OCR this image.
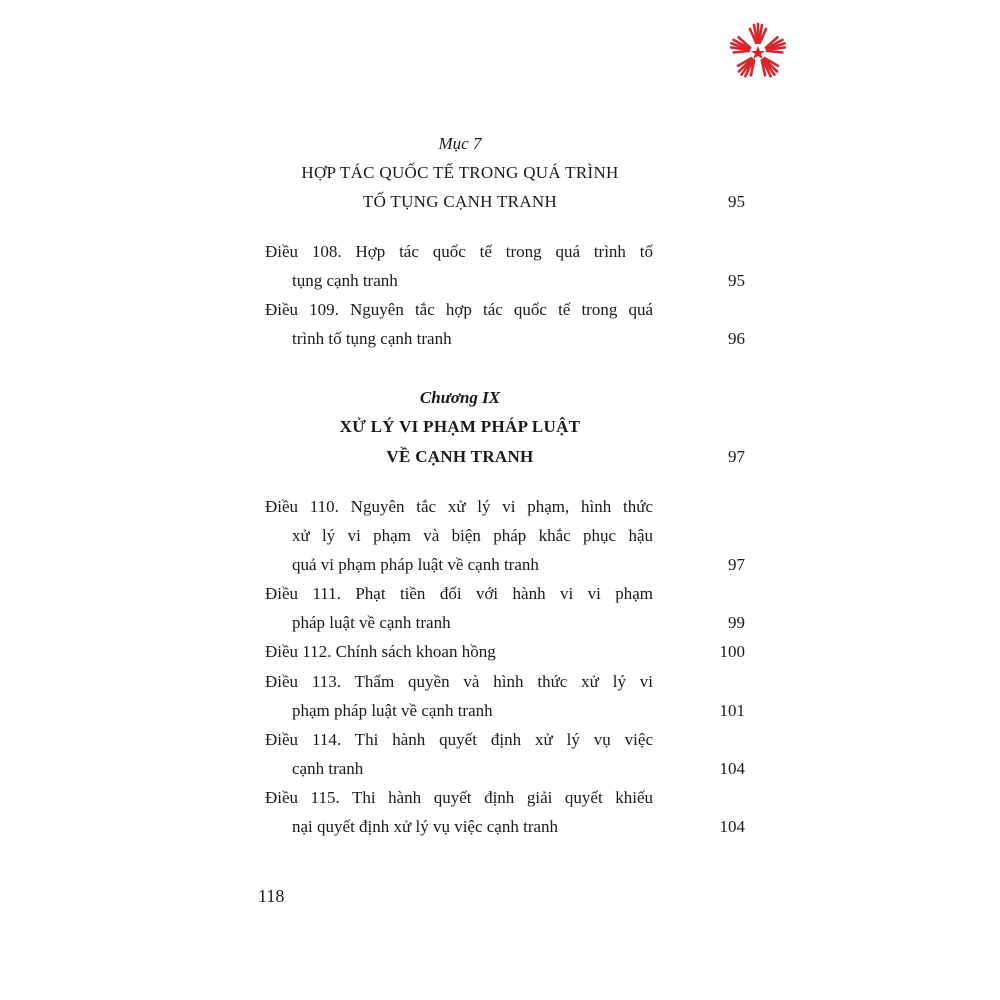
Mục 7
HỢP TÁC QUỐC TẾ TRONG QUÁ TRÌNH
TỐ TỤNG CẠNH TRANH	95
Điều 108. Hợp tác quốc tế trong quá trình tố
tụng cạnh tranh	95
Điều 109. Nguyên tắc hợp tác quốc tế trong quá
trình tố tụng cạnh tranh	96
Chương IX
XỬ LÝ VI PHẠM PHÁP LUẬT
VỀ CẠNH TRANH	97
Điều 110. Nguyên tắc xử lý vi phạm, hình thức
xử lý vi phạm và biện pháp khắc phục hậu
quả vi phạm pháp luật về cạnh tranh	97
Điều 111. Phạt tiền đối với hành vi vi phạm
pháp luật về cạnh tranh	99
Điều 112. Chính sách khoan hồng	100
Điều 113. Thẩm quyền và hình thức xử lý vi
phạm pháp luật về cạnh tranh	101
Điều 114. Thi hành quyết định xử lý vụ việc
cạnh tranh	104
Điều 115. Thi hành quyết định giải quyết khiếu
nại quyết định xử lý vụ việc cạnh tranh	104
118
